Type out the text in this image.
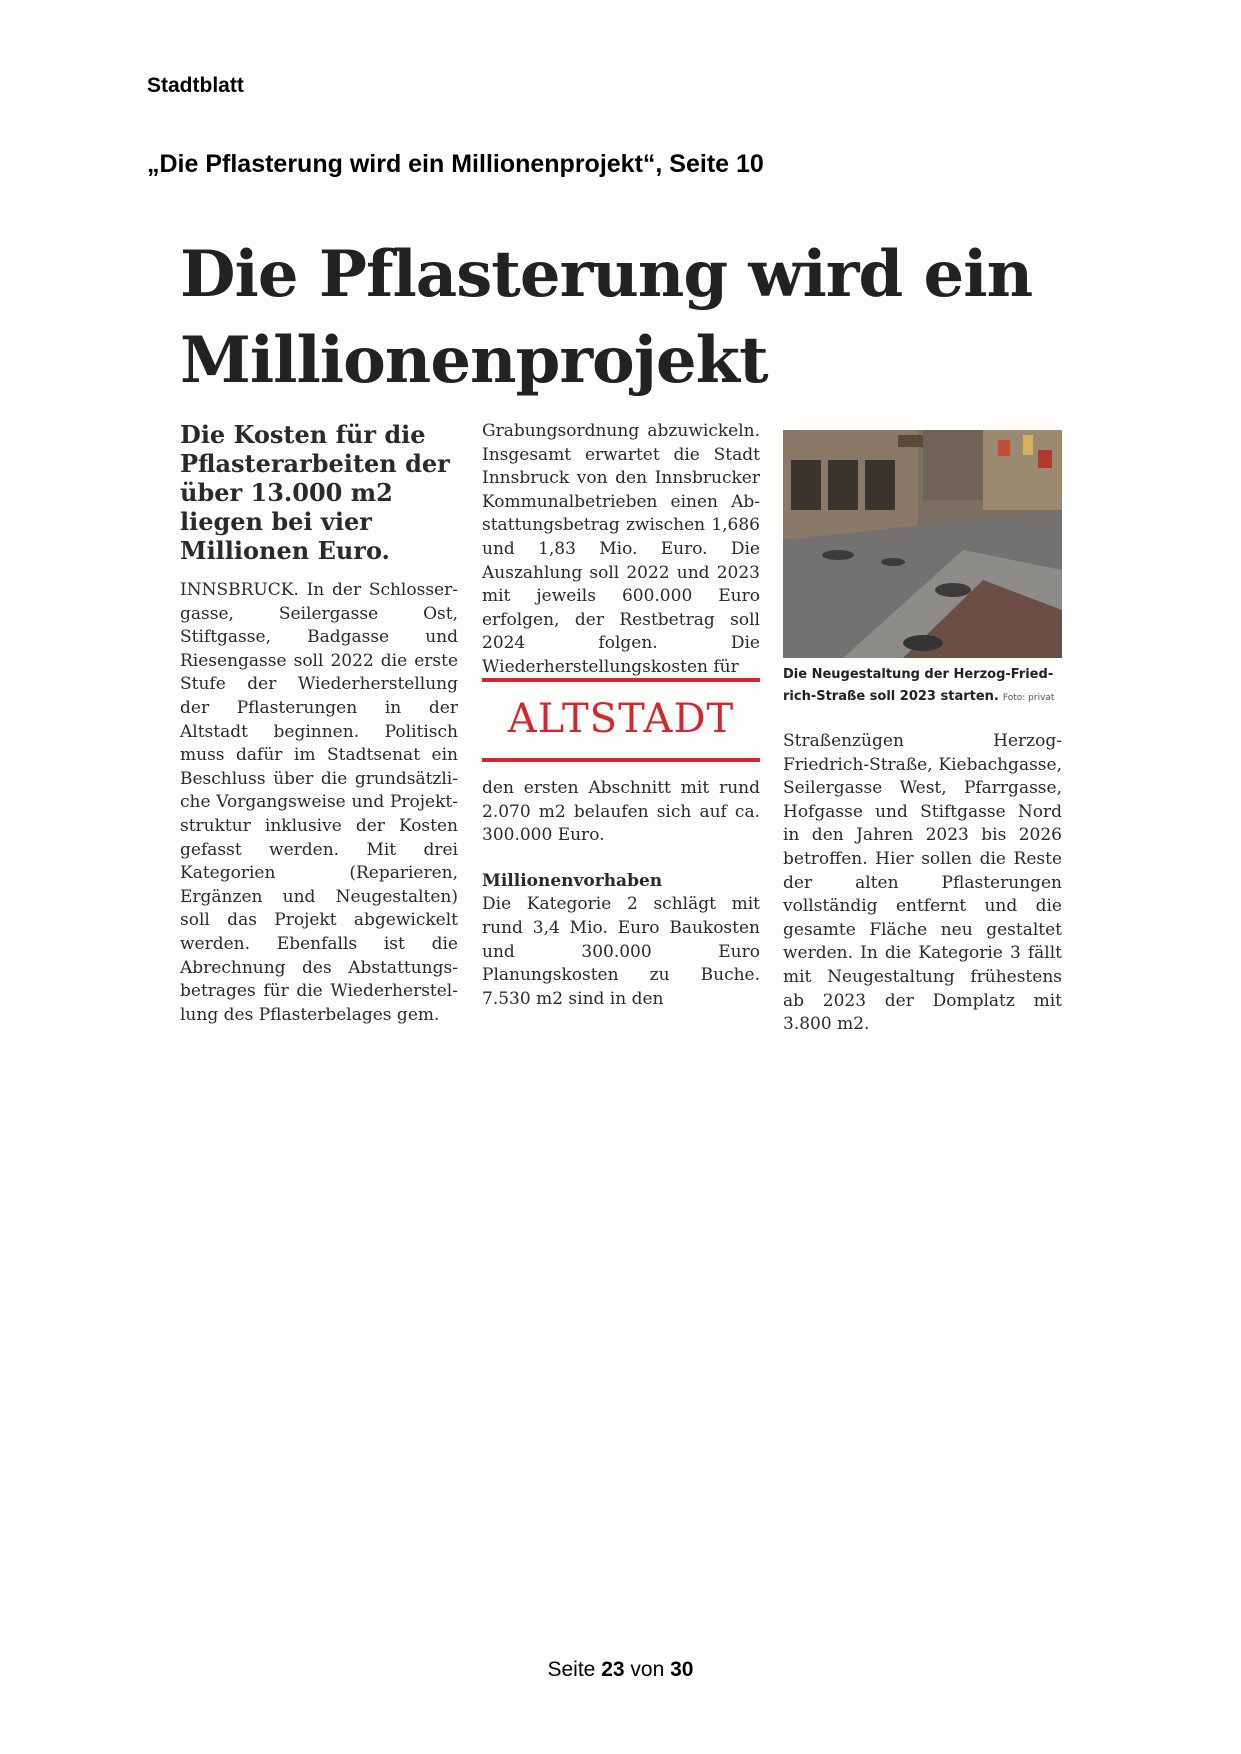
Stadtblatt
„Die Pflasterung wird ein Millionenprojekt“, Seite 10
Die Pflasterung wird ein Millionenprojekt

Die Kosten für die Pflasterarbeiten der über 13.000 m2 liegen bei vier Millionen Euro.

INNSBRUCK. In der Schlossergasse, Seilergasse Ost, Stiftgasse, Badgasse und Riesengasse soll 2022 die erste Stufe der Wiederherstellung der Pflasterungen in der Altstadt beginnen. Politisch muss dafür im Stadtsenat ein Beschluss über die grundsätzliche Vorgangsweise und Projektstruktur inklusive der Kosten gefasst werden. Mit drei Kategorien (Reparieren, Ergänzen und Neugestalten) soll das Projekt abgewickelt werden. Ebenfalls ist die Abrechnung des Abstattungsbetrages für die Wiederherstellung des Pflasterbelages gem.

Grabungsordnung abzuwickeln. Insgesamt erwartet die Stadt Innsbruck von den Innsbrucker Kommunalbetrieben einen Abstattungsbetrag zwischen 1,686 und 1,83 Mio. Euro. Die Auszahlung soll 2022 und 2023 mit jeweils 600.000 Euro erfolgen, der Restbetrag soll 2024 folgen. Die Wiederherstellungskosten für

ALTSTADT

den ersten Abschnitt mit rund 2.070 m2 belaufen sich auf ca. 300.000 Euro.

Millionenvorhaben

Die Kategorie 2 schlägt mit rund 3,4 Mio. Euro Baukosten und 300.000 Euro Planungskosten zu Buche. 7.530 m2 sind in den

Die Neugestaltung der Herzog-Friedrich-Straße soll 2023 starten. Foto: privat

Straßenzügen Herzog-Friedrich-Straße, Kiebachgasse, Seilergasse West, Pfarrgasse, Hofgasse und Stiftgasse Nord in den Jahren 2023 bis 2026 betroffen. Hier sollen die Reste der alten Pflasterungen vollständig entfernt und die gesamte Fläche neu gestaltet werden. In die Kategorie 3 fällt mit Neugestaltung frühestens ab 2023 der Domplatz mit 3.800 m2.

Seite 23 von 30
